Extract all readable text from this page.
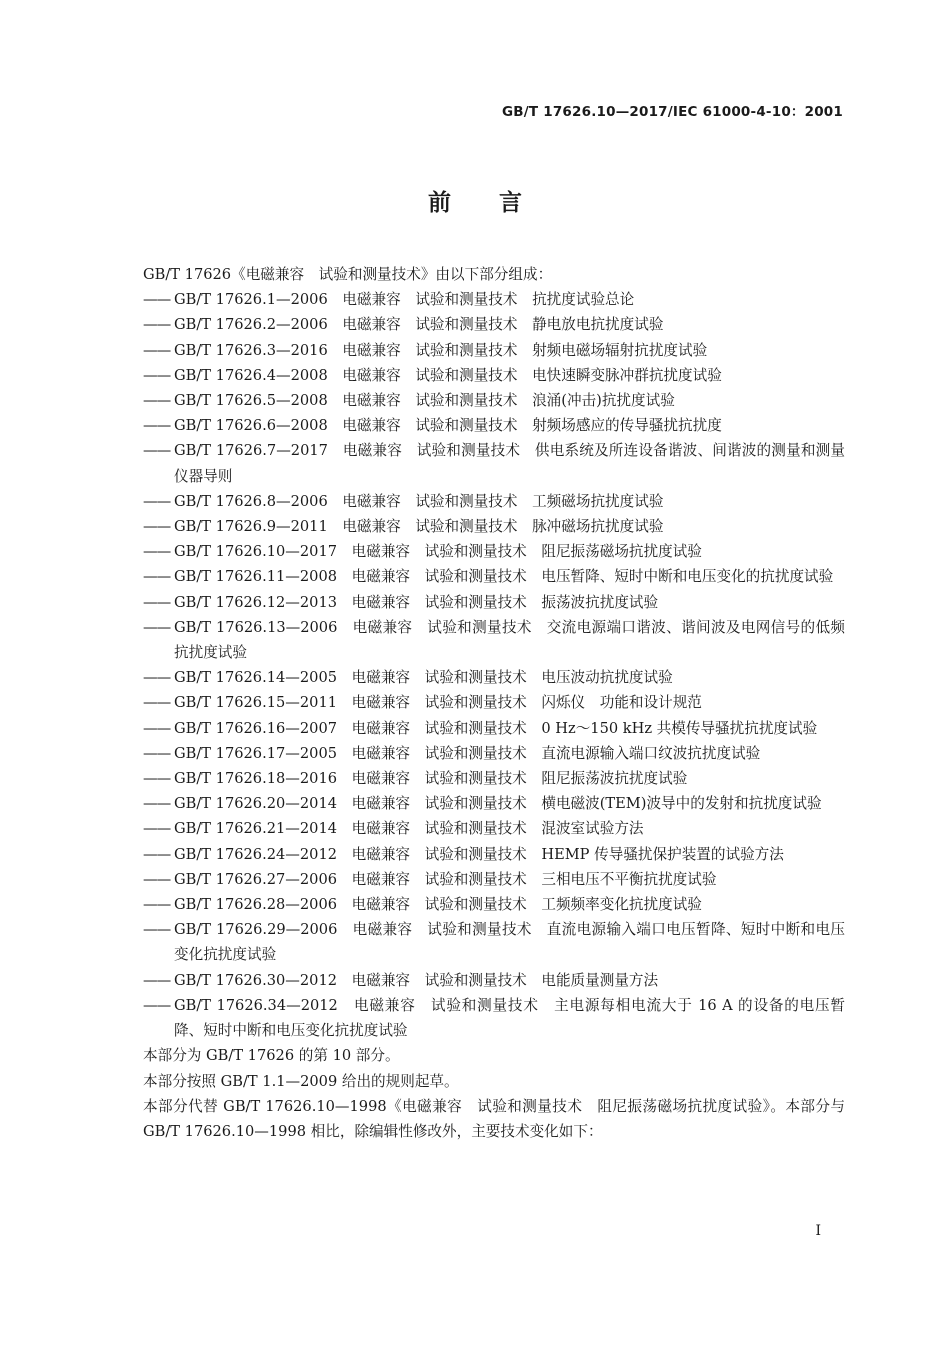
GB/T 17626.10—2017/IEC 61000-4-10：2001
前言
GB/T 17626《电磁兼容　试验和测量技术》由以下部分组成：
—— GB/T 17626.1—2006　电磁兼容　试验和测量技术　抗扰度试验总论
—— GB/T 17626.2—2006　电磁兼容　试验和测量技术　静电放电抗扰度试验
—— GB/T 17626.3—2016　电磁兼容　试验和测量技术　射频电磁场辐射抗扰度试验
—— GB/T 17626.4—2008　电磁兼容　试验和测量技术　电快速瞬变脉冲群抗扰度试验
—— GB/T 17626.5—2008　电磁兼容　试验和测量技术　浪涌(冲击)抗扰度试验
—— GB/T 17626.6—2008　电磁兼容　试验和测量技术　射频场感应的传导骚扰抗扰度
—— GB/T 17626.7—2017　电磁兼容　试验和测量技术　供电系统及所连设备谐波、间谐波的测量和测量仪器导则
—— GB/T 17626.8—2006　电磁兼容　试验和测量技术　工频磁场抗扰度试验
—— GB/T 17626.9—2011　电磁兼容　试验和测量技术　脉冲磁场抗扰度试验
—— GB/T 17626.10—2017　电磁兼容　试验和测量技术　阻尼振荡磁场抗扰度试验
—— GB/T 17626.11—2008　电磁兼容　试验和测量技术　电压暂降、短时中断和电压变化的抗扰度试验
—— GB/T 17626.12—2013　电磁兼容　试验和测量技术　振荡波抗扰度试验
—— GB/T 17626.13—2006　电磁兼容　试验和测量技术　交流电源端口谐波、谐间波及电网信号的低频抗扰度试验
—— GB/T 17626.14—2005　电磁兼容　试验和测量技术　电压波动抗扰度试验
—— GB/T 17626.15—2011　电磁兼容　试验和测量技术　闪烁仪　功能和设计规范
—— GB/T 17626.16—2007　电磁兼容　试验和测量技术　0 Hz～150 kHz 共模传导骚扰抗扰度试验
—— GB/T 17626.17—2005　电磁兼容　试验和测量技术　直流电源输入端口纹波抗扰度试验
—— GB/T 17626.18—2016　电磁兼容　试验和测量技术　阻尼振荡波抗扰度试验
—— GB/T 17626.20—2014　电磁兼容　试验和测量技术　横电磁波(TEM)波导中的发射和抗扰度试验
—— GB/T 17626.21—2014　电磁兼容　试验和测量技术　混波室试验方法
—— GB/T 17626.24—2012　电磁兼容　试验和测量技术　HEMP 传导骚扰保护装置的试验方法
—— GB/T 17626.27—2006　电磁兼容　试验和测量技术　三相电压不平衡抗扰度试验
—— GB/T 17626.28—2006　电磁兼容　试验和测量技术　工频频率变化抗扰度试验
—— GB/T 17626.29—2006　电磁兼容　试验和测量技术　直流电源输入端口电压暂降、短时中断和电压变化抗扰度试验
—— GB/T 17626.30—2012　电磁兼容　试验和测量技术　电能质量测量方法
—— GB/T 17626.34—2012　电磁兼容　试验和测量技术　主电源每相电流大于 16 A 的设备的电压暂降、短时中断和电压变化抗扰度试验
本部分为 GB/T 17626 的第 10 部分。
本部分按照 GB/T 1.1—2009 给出的规则起草。
本部分代替 GB/T 17626.10—1998《电磁兼容　试验和测量技术　阻尼振荡磁场抗扰度试验》。本部分与 GB/T 17626.10—1998 相比，除编辑性修改外，主要技术变化如下：
I
